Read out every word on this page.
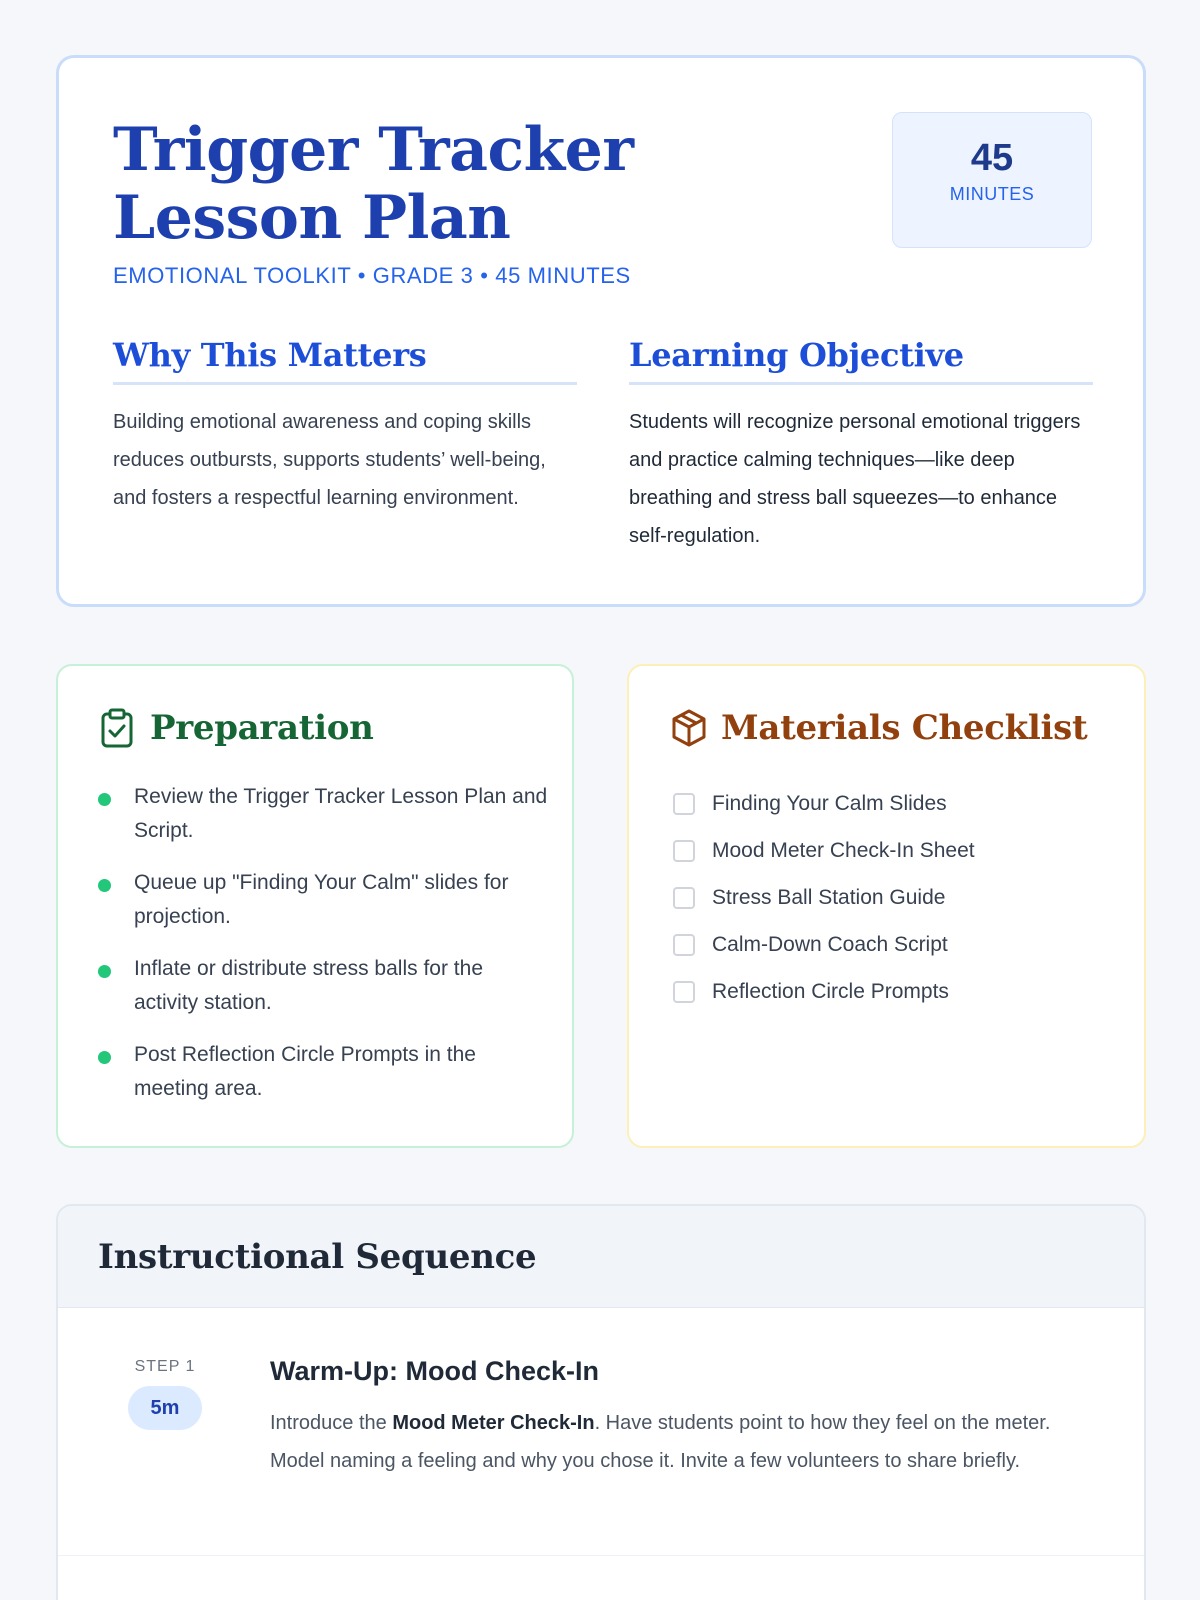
Trigger Tracker Lesson Plan
EMOTIONAL TOOLKIT • GRADE 3 • 45 MINUTES
45
MINUTES
Why This Matters

Building emotional awareness and coping skills reduces outbursts, supports students’ well-being, and fosters a respectful learning environment.

Learning Objective

Students will recognize personal emotional triggers and practice calming techniques—like deep breathing and stress ball squeezes—to enhance self-regulation.

Preparation
Review the Trigger Tracker Lesson Plan and Script.
Queue up "Finding Your Calm" slides for projection.
Inflate or distribute stress balls for the activity station.
Post Reflection Circle Prompts in the meeting area.
Materials Checklist
Finding Your Calm Slides
Mood Meter Check-In Sheet
Stress Ball Station Guide
Calm-Down Coach Script
Reflection Circle Prompts
Instructional Sequence
STEP 1
5m
Warm-Up: Mood Check-In
Introduce the Mood Meter Check-In. Have students point to how they feel on the meter. Model naming a feeling and why you chose it. Invite a few volunteers to share briefly.
